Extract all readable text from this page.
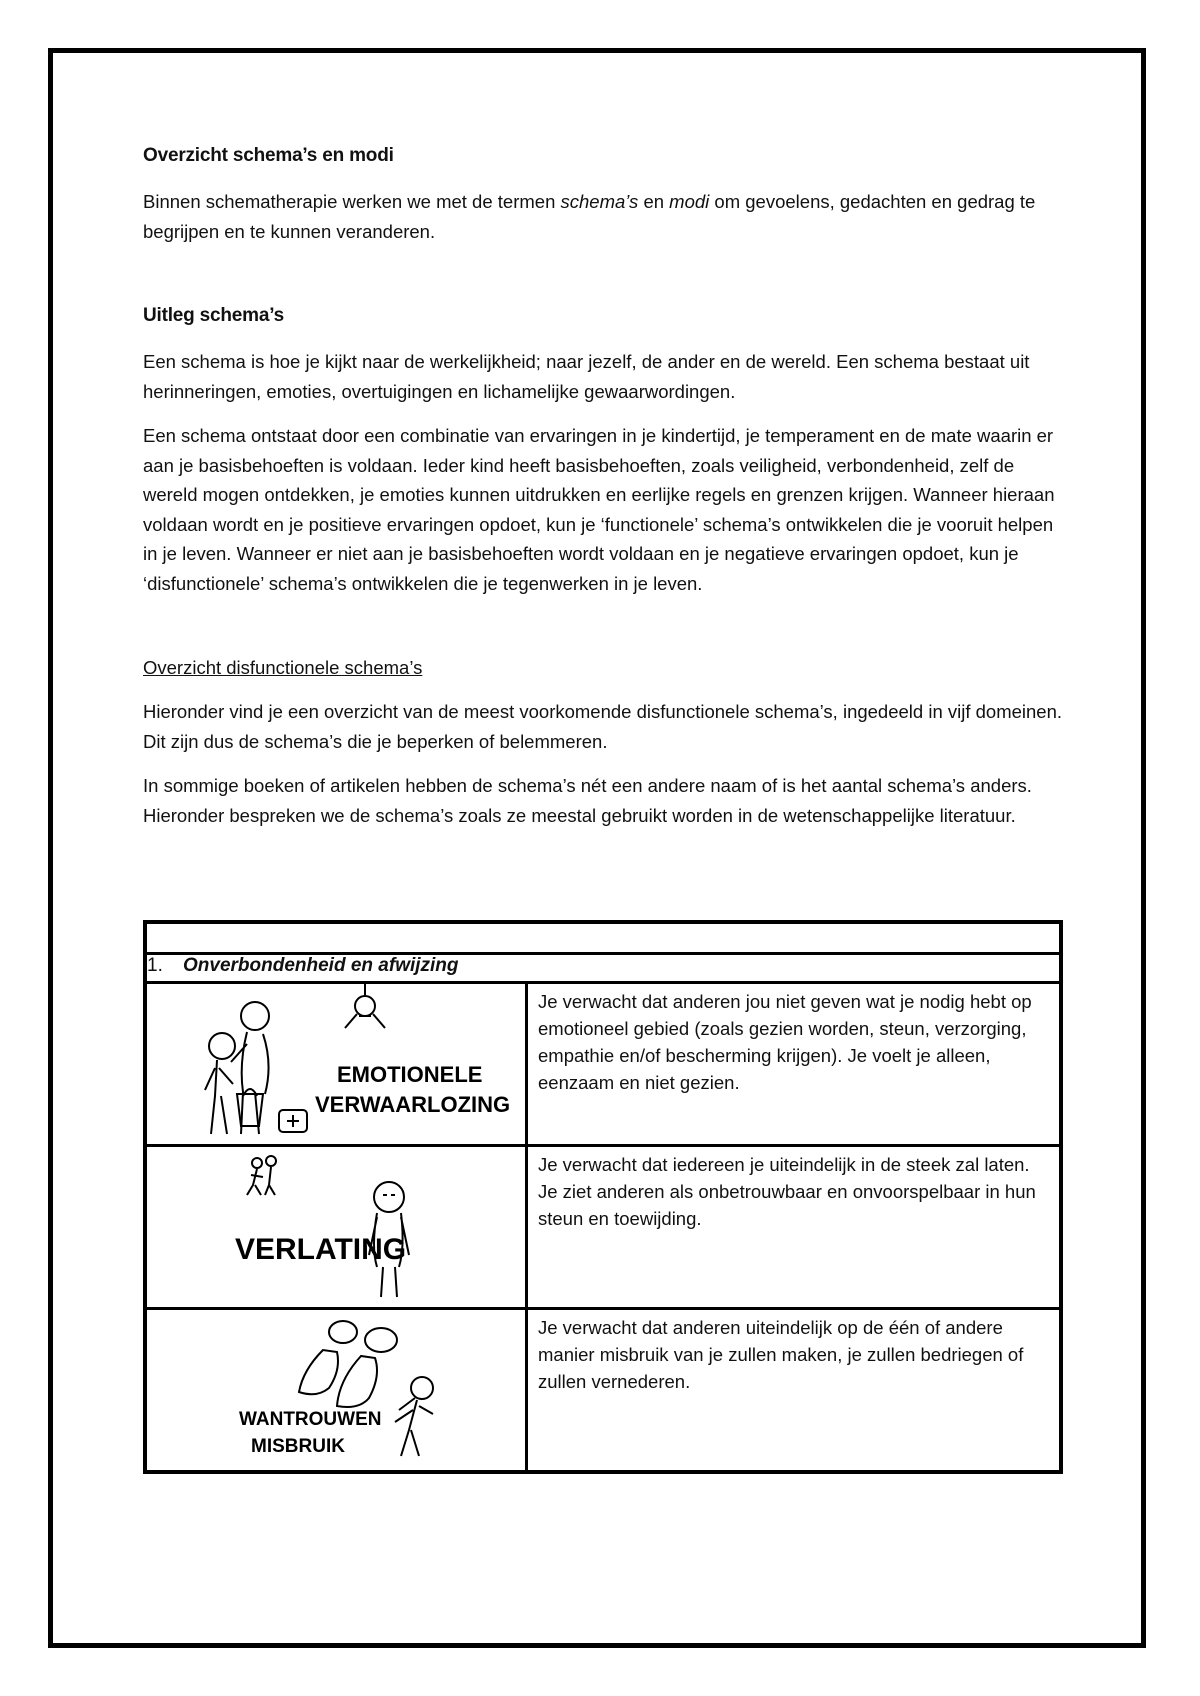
Overzicht schema’s en modi

Binnen schematherapie werken we met de termen schema’s en modi om gevoelens, gedachten en gedrag te begrijpen en te kunnen veranderen.

Uitleg schema’s

Een schema is hoe je kijkt naar de werkelijkheid; naar jezelf, de ander en de wereld. Een schema bestaat uit herinneringen, emoties, overtuigingen en lichamelijke gewaarwordingen.

Een schema ontstaat door een combinatie van ervaringen in je kindertijd, je temperament en de mate waarin er aan je basisbehoeften is voldaan. Ieder kind heeft basisbehoeften, zoals veiligheid, verbondenheid, zelf de wereld mogen ontdekken, je emoties kunnen uitdrukken en eerlijke regels en grenzen krijgen. Wanneer hieraan voldaan wordt en je positieve ervaringen opdoet, kun je ‘functionele’ schema’s ontwikkelen die je vooruit helpen in je leven. Wanneer er niet aan je basisbehoeften wordt voldaan en je negatieve ervaringen opdoet, kun je ‘disfunctionele’ schema’s ontwikkelen die je tegenwerken in je leven.

Overzicht disfunctionele schema’s

Hieronder vind je een overzicht van de meest voorkomende disfunctionele schema’s, ingedeeld in vijf domeinen. Dit zijn dus de schema’s die je beperken of belemmeren.

In sommige boeken of artikelen hebben de schema’s nét een andere naam of is het aantal schema’s anders. Hieronder bespreken we de schema’s zoals ze meestal gebruikt worden in de wetenschappelijke literatuur.

1. Onverbondenheid en afwijzing	

EMOTIONELE
VERWAARLOZING	Je verwacht dat anderen jou niet geven wat je nodig hebt op emotioneel gebied (zoals gezien worden, steun, verzorging, empathie en/of bescherming krijgen). Je voelt je alleen, eenzaam en niet gezien.

VERLATING	Je verwacht dat iedereen je uiteindelijk in de steek zal laten. Je ziet anderen als onbetrouwbaar en onvoorspelbaar in hun steun en toewijding.

WANTROUWEN
MISBRUIK	Je verwacht dat anderen uiteindelijk op de één of andere manier misbruik van je zullen maken, je zullen bedriegen of zullen vernederen.
